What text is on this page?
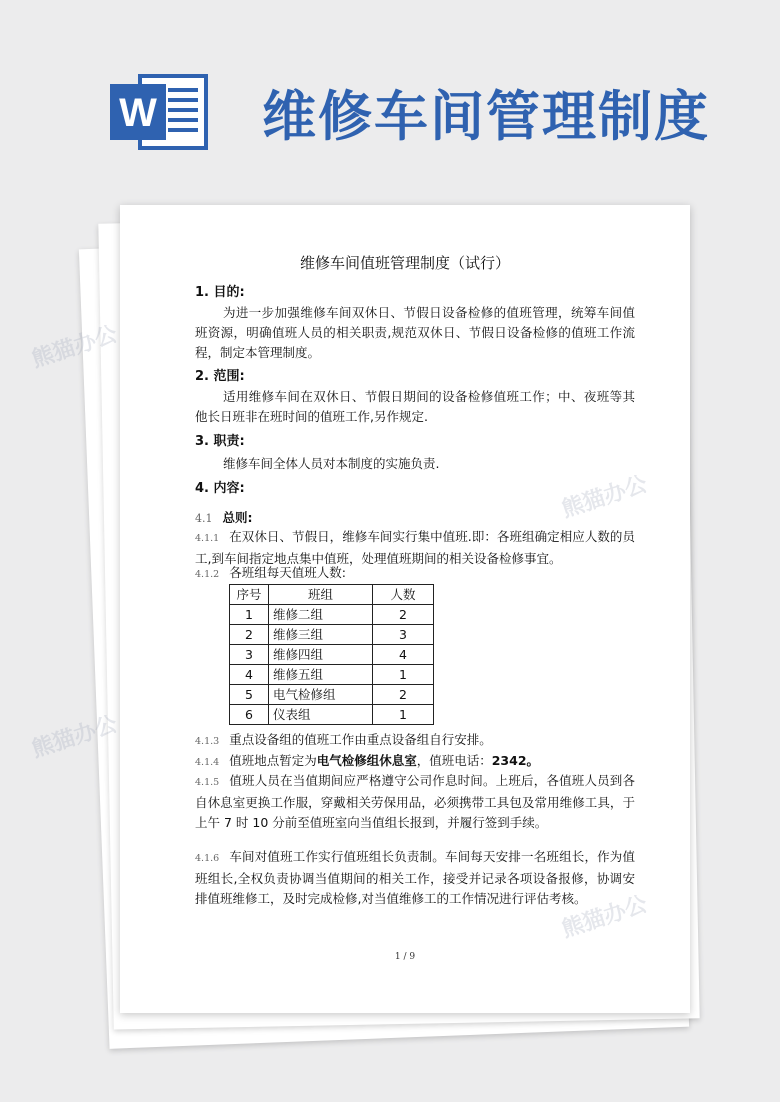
W 维修车间管理制度
维修车间值班管理制度（试行）
1. 目的:
为进一步加强维修车间双休日、节假日设备检修的值班管理，统筹车间值班资源，明确值班人员的相关职责,规范双休日、节假日设备检修的值班工作流程，制定本管理制度。
2. 范围:
适用维修车间在双休日、节假日期间的设备检修值班工作；中、夜班等其他长日班非在班时间的值班工作,另作规定.
3. 职责:
维修车间全体人员对本制度的实施负责.
4. 内容:
4.1 总则:
4.1.1 在双休日、节假日，维修车间实行集中值班.即：各班组确定相应人数的员工,到车间指定地点集中值班，处理值班期间的相关设备检修事宜。
4.1.2 各班组每天值班人数:
序号	班组	人数
1	维修二组	2
2	维修三组	3
3	维修四组	4
4	维修五组	1
5	电气检修组	2
6	仪表组	1
4.1.3 重点设备组的值班工作由重点设备组自行安排。
4.1.4 值班地点暂定为电气检修组休息室，值班电话：2342。
4.1.5 值班人员在当值期间应严格遵守公司作息时间。上班后，各值班人员到各自休息室更换工作服，穿戴相关劳保用品，必须携带工具包及常用维修工具，于上午 7 时 10 分前至值班室向当值组长报到，并履行签到手续。
4.1.6 车间对值班工作实行值班组长负责制。车间每天安排一名班组长，作为值班组长,全权负责协调当值期间的相关工作，接受并记录各项设备报修，协调安排值班维修工，及时完成检修,对当值维修工的工作情况进行评估考核。
1 / 9
熊猫办公
熊猫办公
熊猫办公
熊猫办公
